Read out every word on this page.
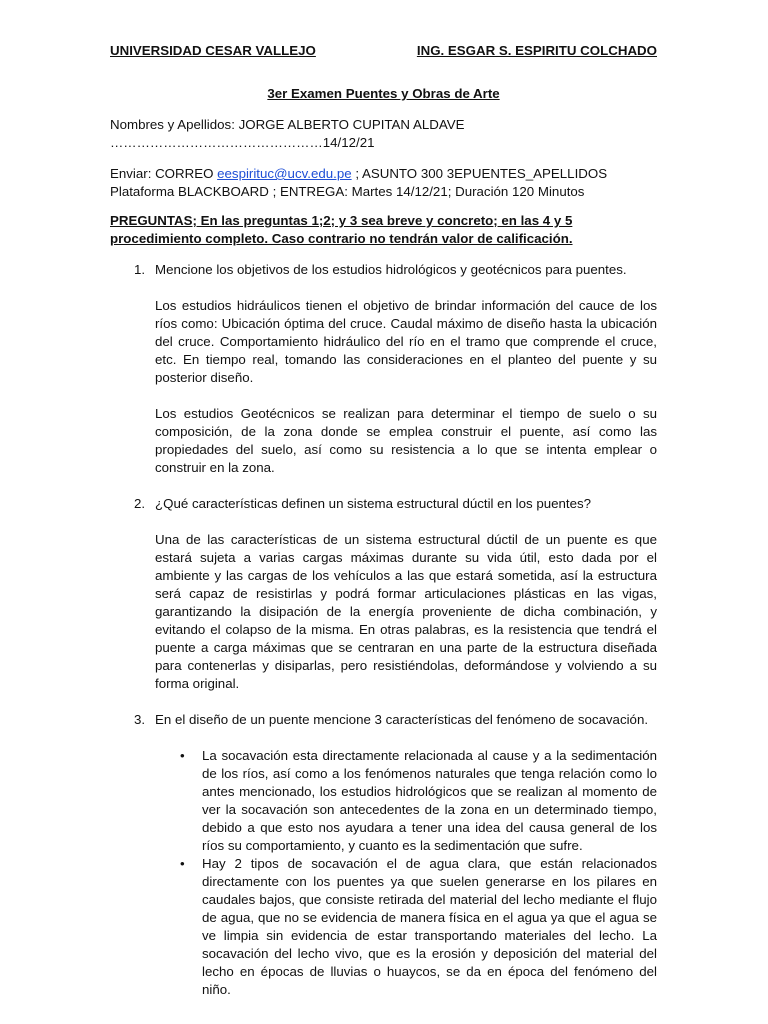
UNIVERSIDAD CESAR VALLEJO	ING. ESGAR S. ESPIRITU COLCHADO
3er Examen Puentes y Obras de Arte
Nombres y Apellidos: JORGE ALBERTO CUPITAN ALDAVE …………………………………………14/12/21
Enviar: CORREO eespirituc@ucv.edu.pe ; ASUNTO 300 3EPUENTES_APELLIDOS Plataforma BLACKBOARD ; ENTREGA: Martes 14/12/21; Duración 120 Minutos
PREGUNTAS; En las preguntas 1;2; y 3 sea breve y concreto; en las 4 y 5 procedimiento completo. Caso contrario no tendrán valor de calificación.
1. Mencione los objetivos de los estudios hidrológicos y geotécnicos para puentes.
Los estudios hidráulicos tienen el objetivo de brindar información del cauce de los ríos como: Ubicación óptima del cruce. Caudal máximo de diseño hasta la ubicación del cruce. Comportamiento hidráulico del río en el tramo que comprende el cruce, etc. En tiempo real, tomando las consideraciones en el planteo del puente y su posterior diseño.
Los estudios Geotécnicos se realizan para determinar el tiempo de suelo o su composición, de la zona donde se emplea construir el puente, así como las propiedades del suelo, así como su resistencia a lo que se intenta emplear o construir en la zona.
2. ¿Qué características definen un sistema estructural dúctil en los puentes?
Una de las características de un sistema estructural dúctil de un puente es que estará sujeta a varias cargas máximas durante su vida útil, esto dada por el ambiente y las cargas de los vehículos a las que estará sometida, así la estructura será capaz de resistirlas y podrá formar articulaciones plásticas en las vigas, garantizando la disipación de la energía proveniente de dicha combinación, y evitando el colapso de la misma. En otras palabras, es la resistencia que tendrá el puente a carga máximas que se centraran en una parte de la estructura diseñada para contenerlas y disiparlas, pero resistiéndolas, deformándose y volviendo a su forma original.
3. En el diseño de un puente mencione 3 características del fenómeno de socavación.
• La socavación esta directamente relacionada al cause y a la sedimentación de los ríos, así como a los fenómenos naturales que tenga relación como lo antes mencionado, los estudios hidrológicos que se realizan al momento de ver la socavación son antecedentes de la zona en un determinado tiempo, debido a que esto nos ayudara a tener una idea del causa general de los ríos su comportamiento, y cuanto es la sedimentación que sufre.
• Hay 2 tipos de socavación el de agua clara, que están relacionados directamente con los puentes ya que suelen generarse en los pilares en caudales bajos, que consiste retirada del material del lecho mediante el flujo de agua, que no se evidencia de manera física en el agua ya que el agua se ve limpia sin evidencia de estar transportando materiales del lecho. La socavación del lecho vivo, que es la erosión y deposición del material del lecho en épocas de lluvias o huaycos, se da en época del fenómeno del niño.
